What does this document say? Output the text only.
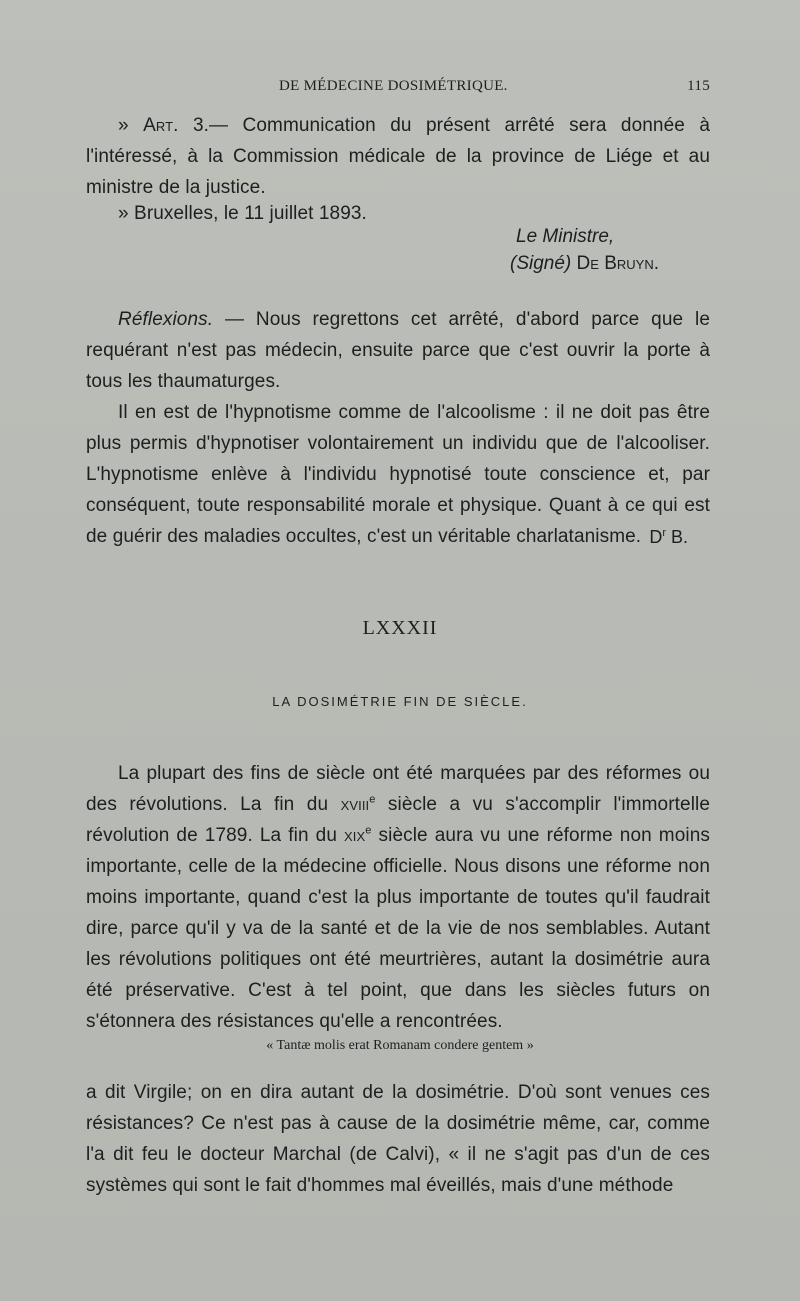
DE MÉDECINE DOSIMÉTRIQUE.	115

» Art. 3.— Communication du présent arrêté sera donnée à l'intéressé, à la Commission médicale de la province de Liége et au ministre de la justice.

» Bruxelles, le 11 juillet 1893.

Le Ministre,
(Signé) De Bruyn.

Réflexions. — Nous regrettons cet arrêté, d'abord parce que le requérant n'est pas médecin, ensuite parce que c'est ouvrir la porte à tous les thaumaturges.

Il en est de l'hypnotisme comme de l'alcoolisme : il ne doit pas être plus permis d'hypnotiser volontairement un individu que de l'alcooliser. L'hypnotisme enlève à l'individu hypnotisé toute conscience et, par conséquent, toute responsabilité morale et physique. Quant à ce qui est de guérir des maladies occultes, c'est un véritable charlatanisme. $D^r$ B.
LXXXII
LA DOSIMÉTRIE FIN DE SIÈCLE.

La plupart des fins de siècle ont été marquées par des réformes ou des révolutions. La fin du xviii$^e$ siècle a vu s'accomplir l'immortelle révolution de 1789. La fin du xix$^e$ siècle aura vu une réforme non moins importante, celle de la médecine officielle. Nous disons une réforme non moins importante, quand c'est la plus importante de toutes qu'il faudrait dire, parce qu'il y va de la santé et de la vie de nos semblables. Autant les révolutions politiques ont été meurtrières, autant la dosimétrie aura été préservative. C'est à tel point, que dans les siècles futurs on s'étonnera des résistances qu'elle a rencontrées.

« Tantæ molis erat Romanam condere gentem »

a dit Virgile; on en dira autant de la dosimétrie. D'où sont venues ces résistances? Ce n'est pas à cause de la dosimétrie même, car, comme l'a dit feu le docteur Marchal (de Calvi), « il ne s'agit pas d'un de ces systèmes qui sont le fait d'hommes mal éveillés, mais d'une méthode
